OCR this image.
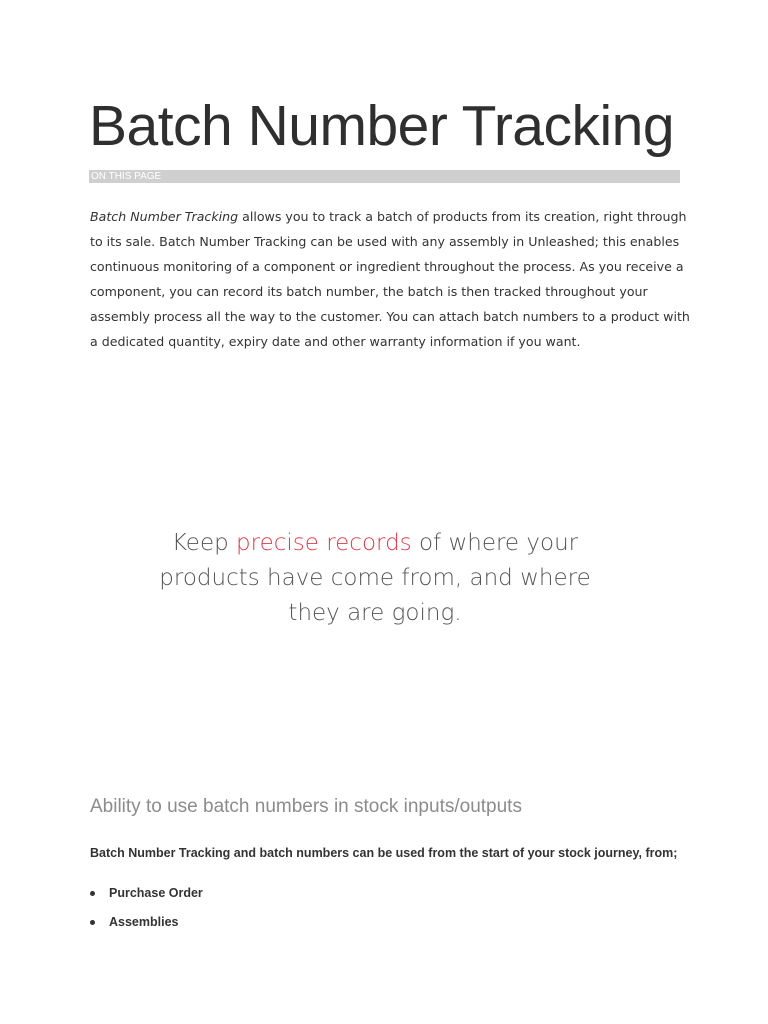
Batch Number Tracking
ON THIS PAGE

Batch Number Tracking allows you to track a batch of products from its creation, right through to its sale. Batch Number Tracking can be used with any assembly in Unleashed; this enables continuous monitoring of a component or ingredient throughout the process. As you receive a component, you can record its batch number, the batch is then tracked throughout your assembly process all the way to the customer. You can attach batch numbers to a product with a dedicated quantity, expiry date and other warranty information if you want.

Keep precise records of where your products have come from, and where they are going.

Ability to use batch numbers in stock inputs/outputs

Batch Number Tracking and batch numbers can be used from the start of your stock journey, from;

Purchase Order
Assemblies
